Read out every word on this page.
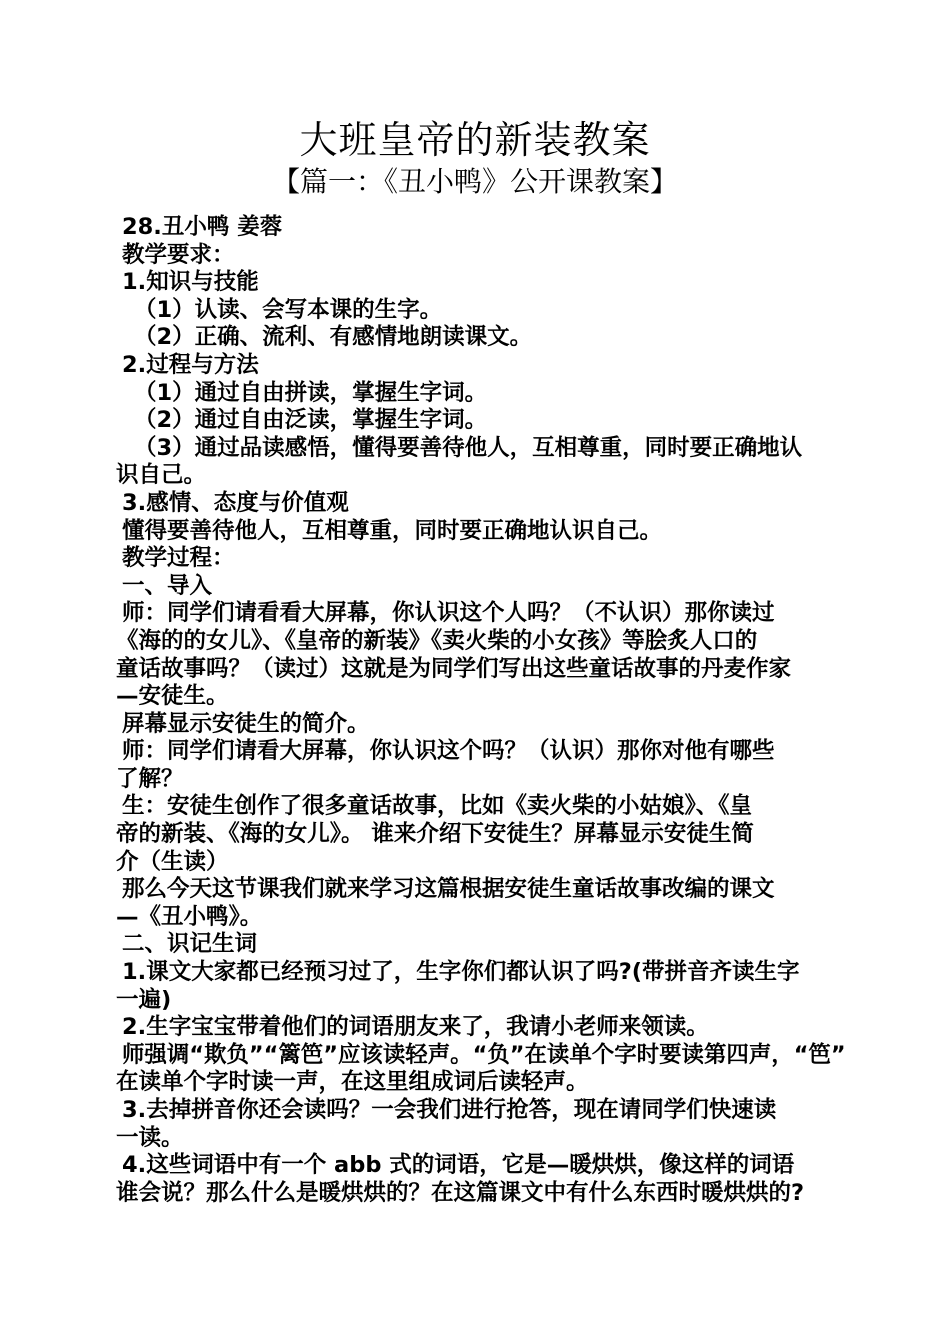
大班皇帝的新装教案
【篇一：《丑小鸭》公开课教案】
28.丑小鸭 姜蓉
教学要求：
1.知识与技能
（1）认读、会写本课的生字。
（2）正确、流利、有感情地朗读课文。
2.过程与方法
（1）通过自由拼读，掌握生字词。
（2）通过自由泛读，掌握生字词。
（3）通过品读感悟，懂得要善待他人，互相尊重，同时要正确地认
识自己。
3.感情、态度与价值观
懂得要善待他人，互相尊重，同时要正确地认识自己。
教学过程：
一、导入
师：同学们请看看大屏幕，你认识这个人吗？（不认识）那你读过
《海的的女儿》、《皇帝的新装》《卖火柴的小女孩》等脍炙人口的
童话故事吗？（读过）这就是为同学们写出这些童话故事的丹麦作家
—安徒生。
屏幕显示安徒生的简介。
师：同学们请看大屏幕，你认识这个吗？（认识）那你对他有哪些
了解？
生：安徒生创作了很多童话故事，比如《卖火柴的小姑娘》、《皇
帝的新装、《海的女儿》。 谁来介绍下安徒生？屏幕显示安徒生简
介（生读）
那么今天这节课我们就来学习这篇根据安徒生童话故事改编的课文
—《丑小鸭》。
二、识记生词
1.课文大家都已经预习过了，生字你们都认识了吗?(带拼音齐读生字
一遍)
2.生字宝宝带着他们的词语朋友来了，我请小老师来领读。
师强调“欺负”“篱笆”应该读轻声。“负”在读单个字时要读第四声，“笆”
在读单个字时读一声，在这里组成词后读轻声。
3.去掉拼音你还会读吗？一会我们进行抢答，现在请同学们快速读
一读。
4.这些词语中有一个 abb 式的词语，它是—暖烘烘，像这样的词语
谁会说？那么什么是暖烘烘的？在这篇课文中有什么东西时暖烘烘的?
